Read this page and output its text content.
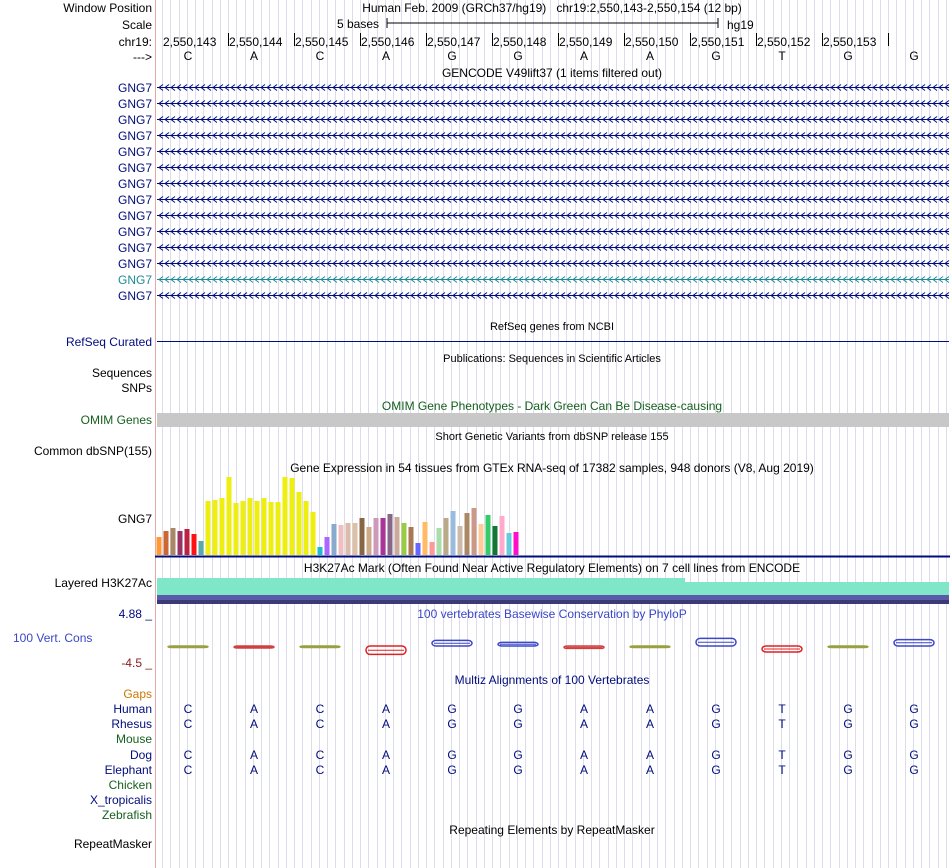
Window Position	Human Feb. 2009 (GRCh37/hg19) chr19:2,550,143-2,550,154 (12 bp)
Scale	5 bases	hg19
chr19: 2,550,143 2,550,144 2,550,145 2,550,146 2,550,147 2,550,148 2,550,149 2,550,150 2,550,151 2,550,152 2,550,153
--->	C	A	C	A	G	G	A	A	G	T	G	G
GENCODE V49lift37 (1 items filtered out)
GNG7
GNG7
GNG7
GNG7
GNG7
GNG7
GNG7
GNG7
GNG7
GNG7
GNG7
GNG7
GNG7
GNG7
RefSeq genes from NCBI
RefSeq Curated
Publications: Sequences in Scientific Articles
Sequences
SNPs
OMIM Gene Phenotypes - Dark Green Can Be Disease-causing
OMIM Genes
Short Genetic Variants from dbSNP release 155
Common dbSNP(155)
Gene Expression in 54 tissues from GTEx RNA-seq of 17382 samples, 948 donors (V8, Aug 2019)
GNG7
H3K27Ac Mark (Often Found Near Active Regulatory Elements) on 7 cell lines from ENCODE
Layered H3K27Ac
4.88 _	100 vertebrates Basewise Conservation by PhyloP
100 Vert. Cons
-4.5 _
Multiz Alignments of 100 Vertebrates
Gaps
Human	C	A	C	A	G	G	A	A	G	T	G	G
Rhesus	C	A	C	A	G	G	A	A	G	T	G	G
Mouse
Dog	C	A	C	A	G	G	A	A	G	T	G	G
Elephant	C	A	C	A	G	G	A	A	G	T	G	G
Chicken
X_tropicalis
Zebrafish
Repeating Elements by RepeatMasker
RepeatMasker
